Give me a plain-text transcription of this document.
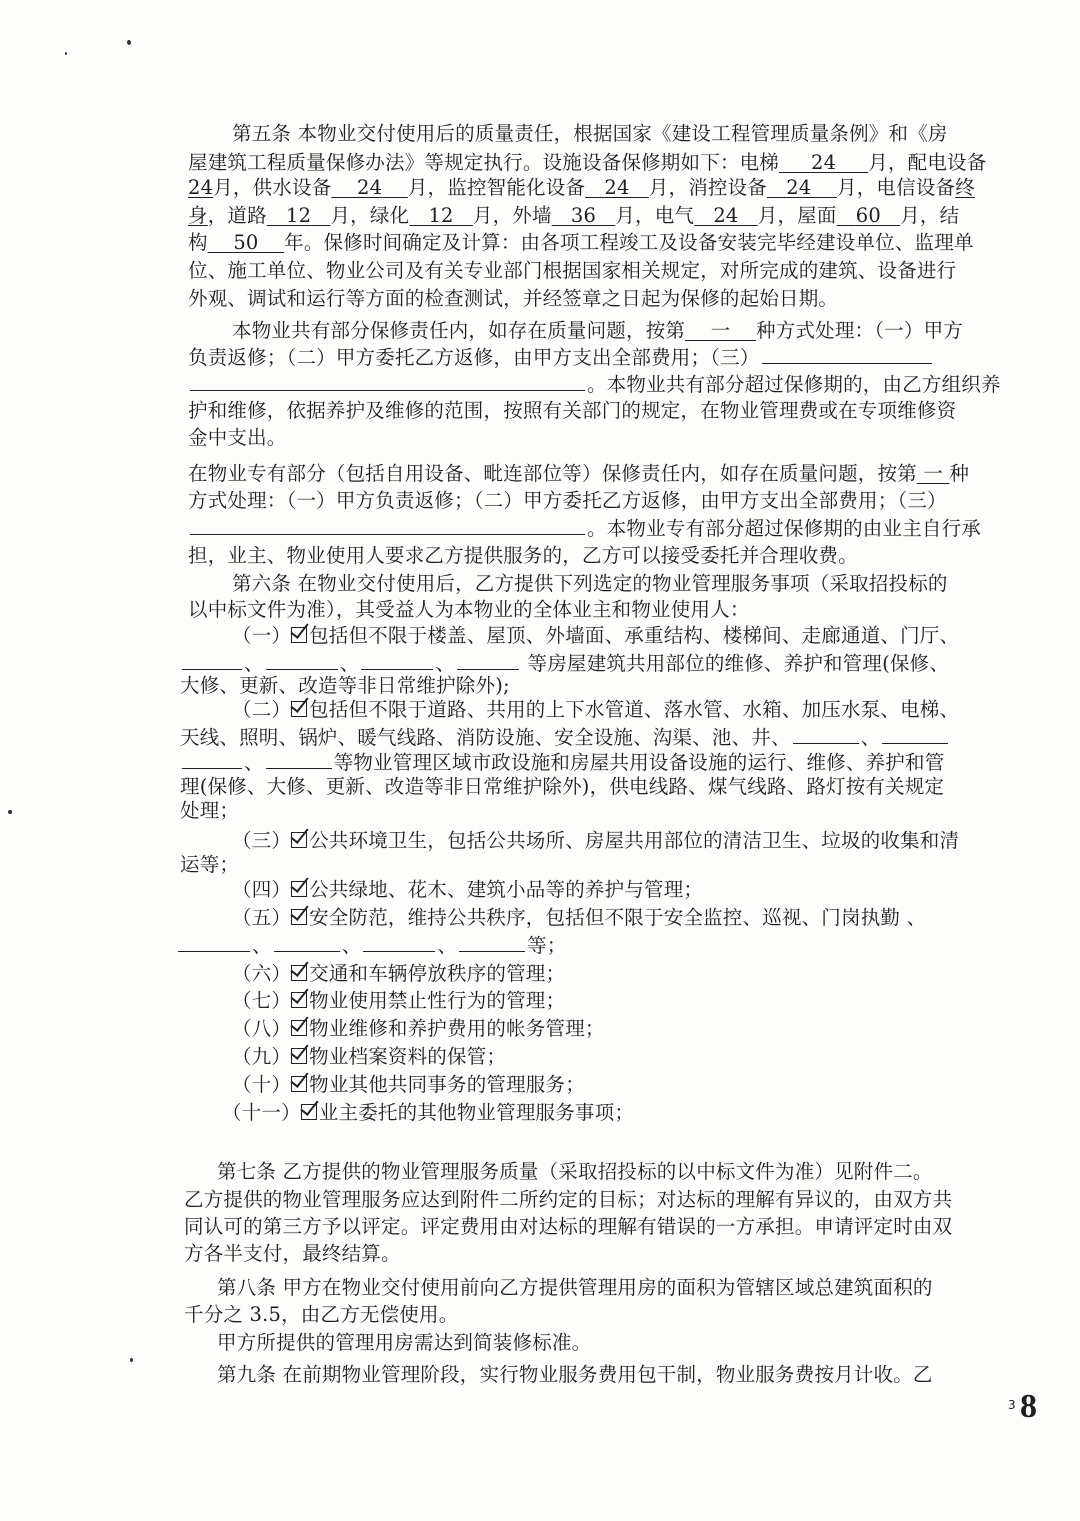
第五条 本物业交付使用后的质量责任，根据国家《建设工程管理质量条例》和《房
屋建筑工程质量保修办法》等规定执行。设施设备保修期如下：电梯 24 月，配电设备
24月，供水设备 24 月，监控智能化设备 24 月，消控设备 24 月，电信设备终
身，道路 12 月，绿化 12 月，外墙 36 月，电气 24 月，屋面 60 月，结
构 50 年。保修时间确定及计算：由各项工程竣工及设备安装完毕经建设单位、监理单
位、施工单位、物业公司及有关专业部门根据国家相关规定，对所完成的建筑、设备进行
外观、调试和运行等方面的检查测试，并经签章之日起为保修的起始日期。
本物业共有部分保修责任内，如存在质量问题，按第 一 种方式处理：（一）甲方
负责返修；（二）甲方委托乙方返修，由甲方支出全部费用；（三）
。本物业共有部分超过保修期的，由乙方组织养
护和维修，依据养护及维修的范围，按照有关部门的规定，在物业管理费或在专项维修资
金中支出。
在物业专有部分（包括自用设备、毗连部位等）保修责任内，如存在质量问题，按第 一 种
方式处理：（一）甲方负责返修；（二）甲方委托乙方返修，由甲方支出全部费用；（三）
。本物业专有部分超过保修期的由业主自行承
担，业主、物业使用人要求乙方提供服务的，乙方可以接受委托并合理收费。
第六条 在物业交付使用后，乙方提供下列选定的物业管理服务事项（采取招投标的
以中标文件为准），其受益人为本物业的全体业主和物业使用人：
（一） 包括但不限于楼盖、屋顶、外墙面、承重结构、楼梯间、走廊通道、门厅、
、	、	、	等房屋建筑共用部位的维修、养护和管理(保修、
大修、更新、改造等非日常维护除外);
（二） 包括但不限于道路、共用的上下水管道、落水管、水箱、加压水泵、电梯、
天线、照明、锅炉、暖气线路、消防设施、安全设施、沟渠、池、井、	、
、	等物业管理区域市政设施和房屋共用设备设施的运行、维修、养护和管
理(保修、大修、更新、改造等非日常维护除外)，供电线路、煤气线路、路灯按有关规定
处理；
（三） 公共环境卫生，包括公共场所、房屋共用部位的清洁卫生、垃圾的收集和清
运等；
（四） 公共绿地、花木、建筑小品等的养护与管理；
（五） 安全防范，维持公共秩序，包括但不限于安全监控、巡视、门岗执勤 、
、	、	、	等；
（六） 交通和车辆停放秩序的管理；
（七） 物业使用禁止性行为的管理；
（八） 物业维修和养护费用的帐务管理；
（九） 物业档案资料的保管；
（十） 物业其他共同事务的管理服务；
（十一） 业主委托的其他物业管理服务事项；
第七条 乙方提供的物业管理服务质量（采取招投标的以中标文件为准）见附件二。
乙方提供的物业管理服务应达到附件二所约定的目标；对达标的理解有异议的，由双方共
同认可的第三方予以评定。评定费用由对达标的理解有错误的一方承担。申请评定时由双
方各半支付，最终结算。
第八条 甲方在物业交付使用前向乙方提供管理用房的面积为管辖区域总建筑面积的
千分之 3.5，由乙方无偿使用。
甲方所提供的管理用房需达到简装修标准。
第九条 在前期物业管理阶段，实行物业服务费用包干制，物业服务费按月计收。乙
3 8
